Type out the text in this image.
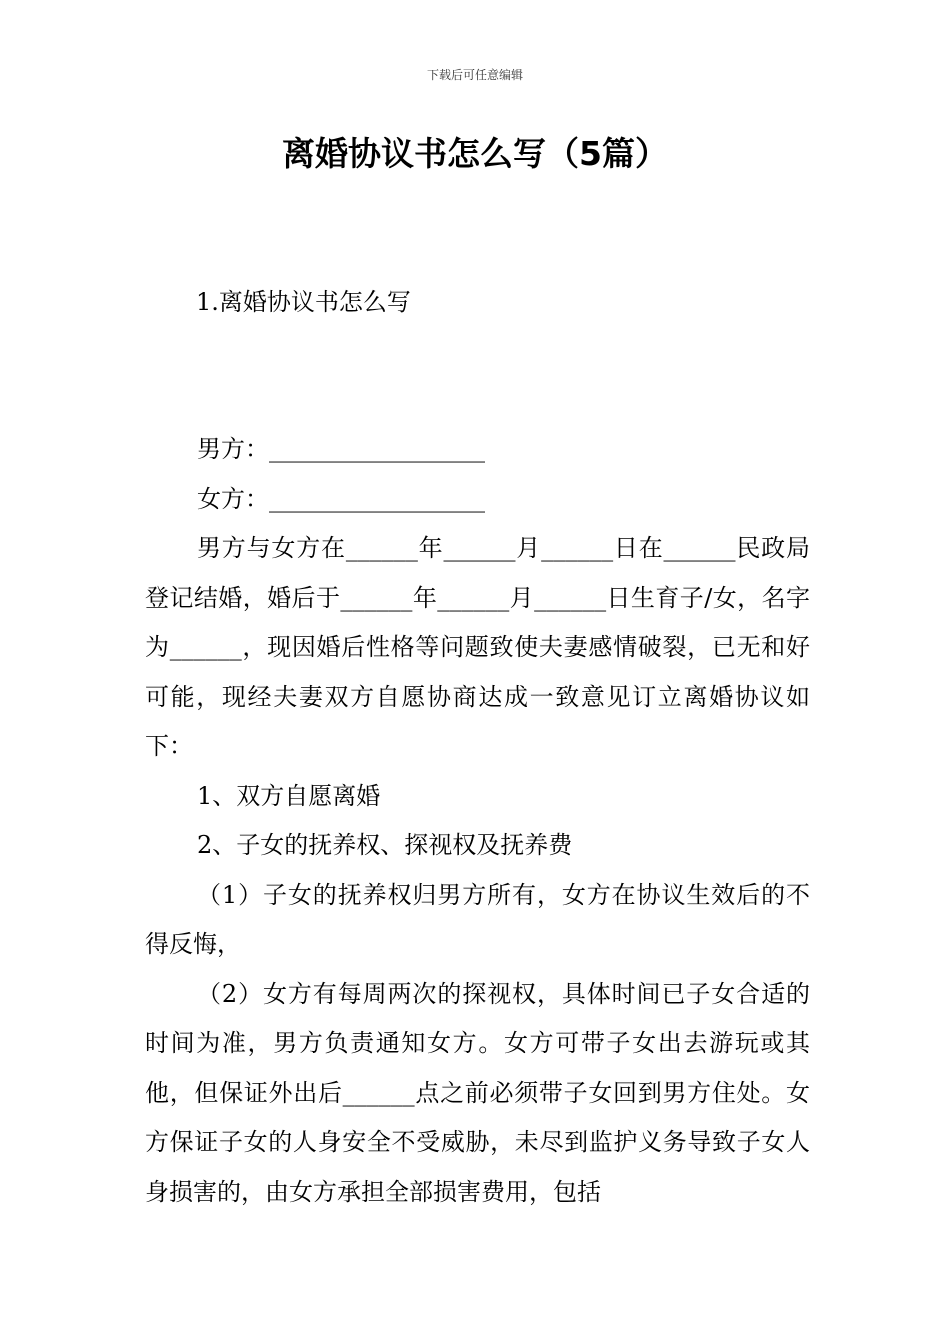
下载后可任意编辑
离婚协议书怎么写（5篇）
1.离婚协议书怎么写

男方：__________________

女方：__________________

男方与女方在______年______月______日在______民政局登记结婚，婚后于______年______月______日生育子/女，名字为______，现因婚后性格等问题致使夫妻感情破裂，已无和好可能，现经夫妻双方自愿协商达成一致意见订立离婚协议如下：

1、双方自愿离婚

2、子女的抚养权、探视权及抚养费

（1）子女的抚养权归男方所有，女方在协议生效后的不得反悔，

（2）女方有每周两次的探视权，具体时间已子女合适的时间为准，男方负责通知女方。女方可带子女出去游玩或其他，但保证外出后______点之前必须带子女回到男方住处。女方保证子女的人身安全不受威胁，未尽到监护义务导致子女人身损害的，由女方承担全部损害费用，包括
